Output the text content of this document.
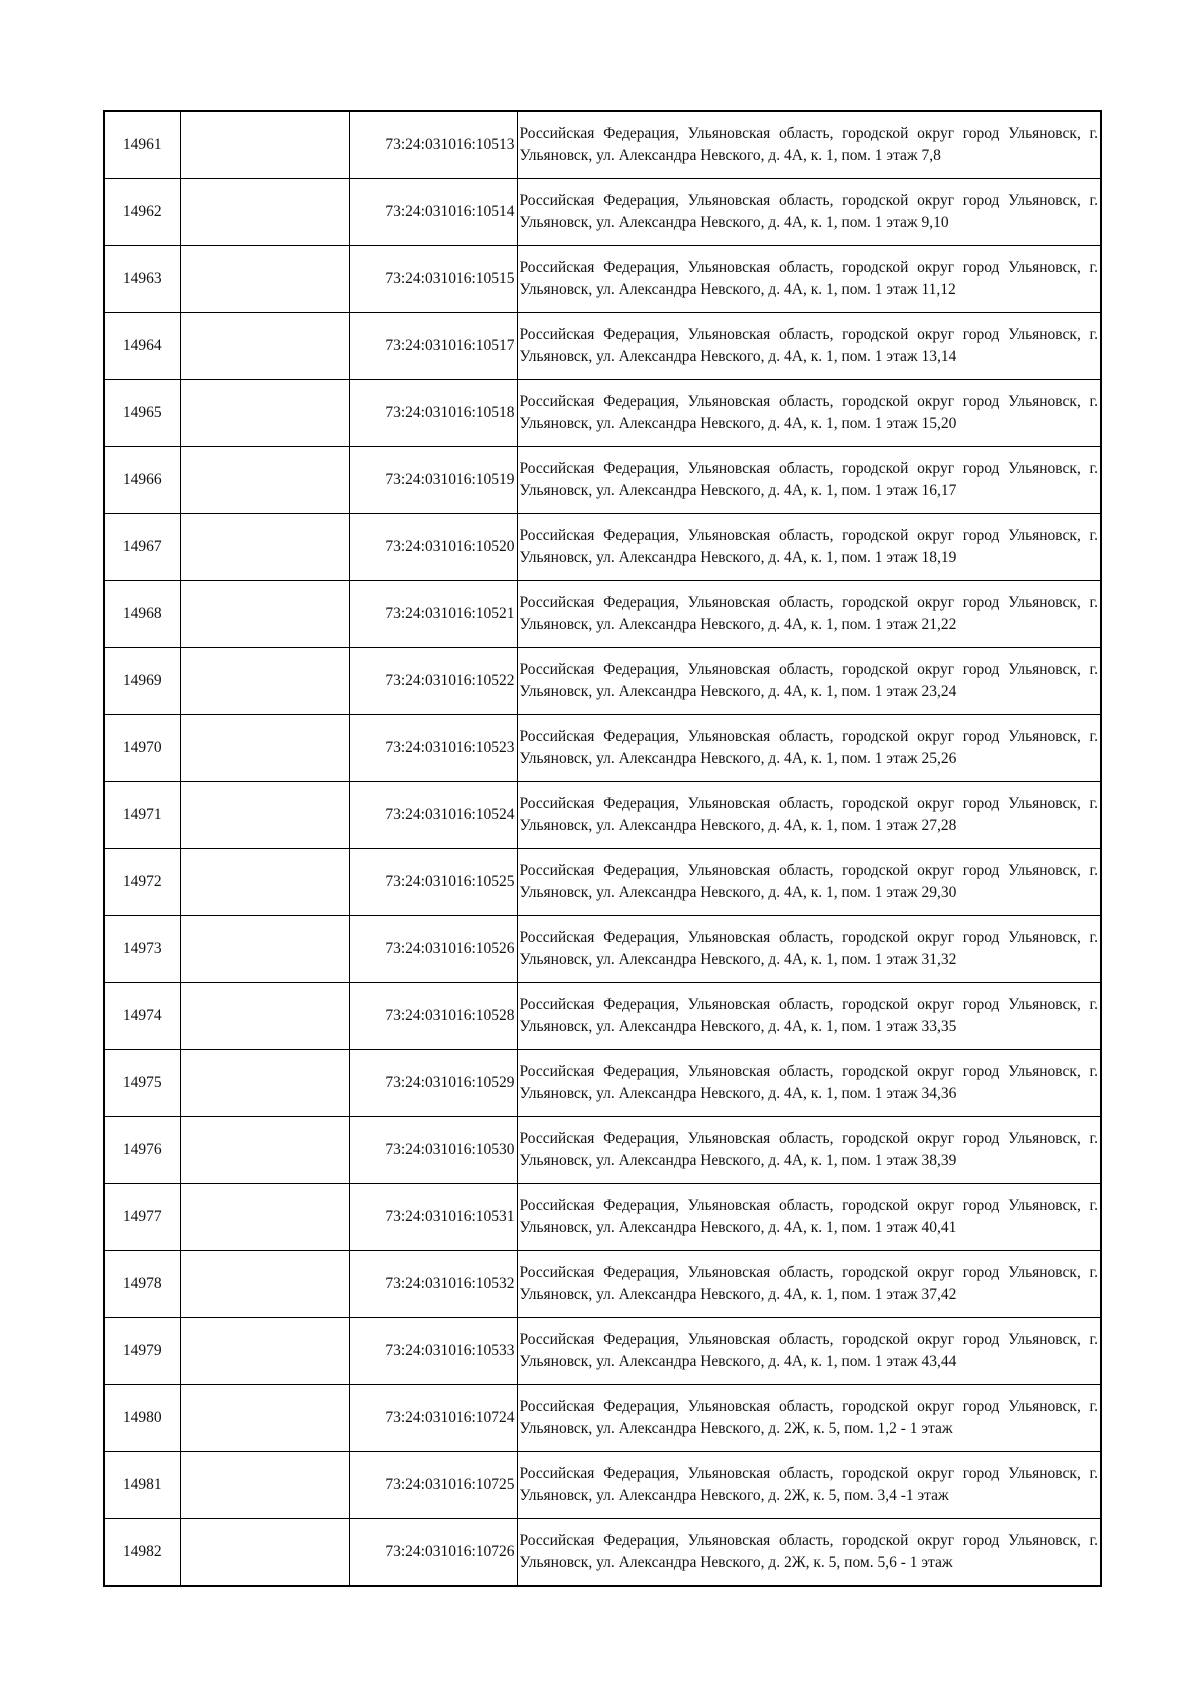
14961		73:24:031016:10513	Российская Федерация, Ульяновская область, городской округ город Ульяновск, г. Ульяновск, ул. Александра Невского, д. 4А, к. 1, пом. 1 этаж 7,8
14962		73:24:031016:10514	Российская Федерация, Ульяновская область, городской округ город Ульяновск, г. Ульяновск, ул. Александра Невского, д. 4А, к. 1, пом. 1 этаж 9,10
14963		73:24:031016:10515	Российская Федерация, Ульяновская область, городской округ город Ульяновск, г. Ульяновск, ул. Александра Невского, д. 4А, к. 1, пом. 1 этаж 11,12
14964		73:24:031016:10517	Российская Федерация, Ульяновская область, городской округ город Ульяновск, г. Ульяновск, ул. Александра Невского, д. 4А, к. 1, пом. 1 этаж 13,14
14965		73:24:031016:10518	Российская Федерация, Ульяновская область, городской округ город Ульяновск, г. Ульяновск, ул. Александра Невского, д. 4А, к. 1, пом. 1 этаж 15,20
14966		73:24:031016:10519	Российская Федерация, Ульяновская область, городской округ город Ульяновск, г. Ульяновск, ул. Александра Невского, д. 4А, к. 1, пом. 1 этаж 16,17
14967		73:24:031016:10520	Российская Федерация, Ульяновская область, городской округ город Ульяновск, г. Ульяновск, ул. Александра Невского, д. 4А, к. 1, пом. 1 этаж 18,19
14968		73:24:031016:10521	Российская Федерация, Ульяновская область, городской округ город Ульяновск, г. Ульяновск, ул. Александра Невского, д. 4А, к. 1, пом. 1 этаж 21,22
14969		73:24:031016:10522	Российская Федерация, Ульяновская область, городской округ город Ульяновск, г. Ульяновск, ул. Александра Невского, д. 4А, к. 1, пом. 1 этаж 23,24
14970		73:24:031016:10523	Российская Федерация, Ульяновская область, городской округ город Ульяновск, г. Ульяновск, ул. Александра Невского, д. 4А, к. 1, пом. 1 этаж 25,26
14971		73:24:031016:10524	Российская Федерация, Ульяновская область, городской округ город Ульяновск, г. Ульяновск, ул. Александра Невского, д. 4А, к. 1, пом. 1 этаж 27,28
14972		73:24:031016:10525	Российская Федерация, Ульяновская область, городской округ город Ульяновск, г. Ульяновск, ул. Александра Невского, д. 4А, к. 1, пом. 1 этаж 29,30
14973		73:24:031016:10526	Российская Федерация, Ульяновская область, городской округ город Ульяновск, г. Ульяновск, ул. Александра Невского, д. 4А, к. 1, пом. 1 этаж 31,32
14974		73:24:031016:10528	Российская Федерация, Ульяновская область, городской округ город Ульяновск, г. Ульяновск, ул. Александра Невского, д. 4А, к. 1, пом. 1 этаж 33,35
14975		73:24:031016:10529	Российская Федерация, Ульяновская область, городской округ город Ульяновск, г. Ульяновск, ул. Александра Невского, д. 4А, к. 1, пом. 1 этаж 34,36
14976		73:24:031016:10530	Российская Федерация, Ульяновская область, городской округ город Ульяновск, г. Ульяновск, ул. Александра Невского, д. 4А, к. 1, пом. 1 этаж 38,39
14977		73:24:031016:10531	Российская Федерация, Ульяновская область, городской округ город Ульяновск, г. Ульяновск, ул. Александра Невского, д. 4А, к. 1, пом. 1 этаж 40,41
14978		73:24:031016:10532	Российская Федерация, Ульяновская область, городской округ город Ульяновск, г. Ульяновск, ул. Александра Невского, д. 4А, к. 1, пом. 1 этаж 37,42
14979		73:24:031016:10533	Российская Федерация, Ульяновская область, городской округ город Ульяновск, г. Ульяновск, ул. Александра Невского, д. 4А, к. 1, пом. 1 этаж 43,44
14980		73:24:031016:10724	Российская Федерация, Ульяновская область, городской округ город Ульяновск, г. Ульяновск, ул. Александра Невского, д. 2Ж, к. 5, пом. 1,2 - 1 этаж
14981		73:24:031016:10725	Российская Федерация, Ульяновская область, городской округ город Ульяновск, г. Ульяновск, ул. Александра Невского, д. 2Ж, к. 5, пом. 3,4 -1 этаж
14982		73:24:031016:10726	Российская Федерация, Ульяновская область, городской округ город Ульяновск, г. Ульяновск, ул. Александра Невского, д. 2Ж, к. 5, пом. 5,6 - 1 этаж
